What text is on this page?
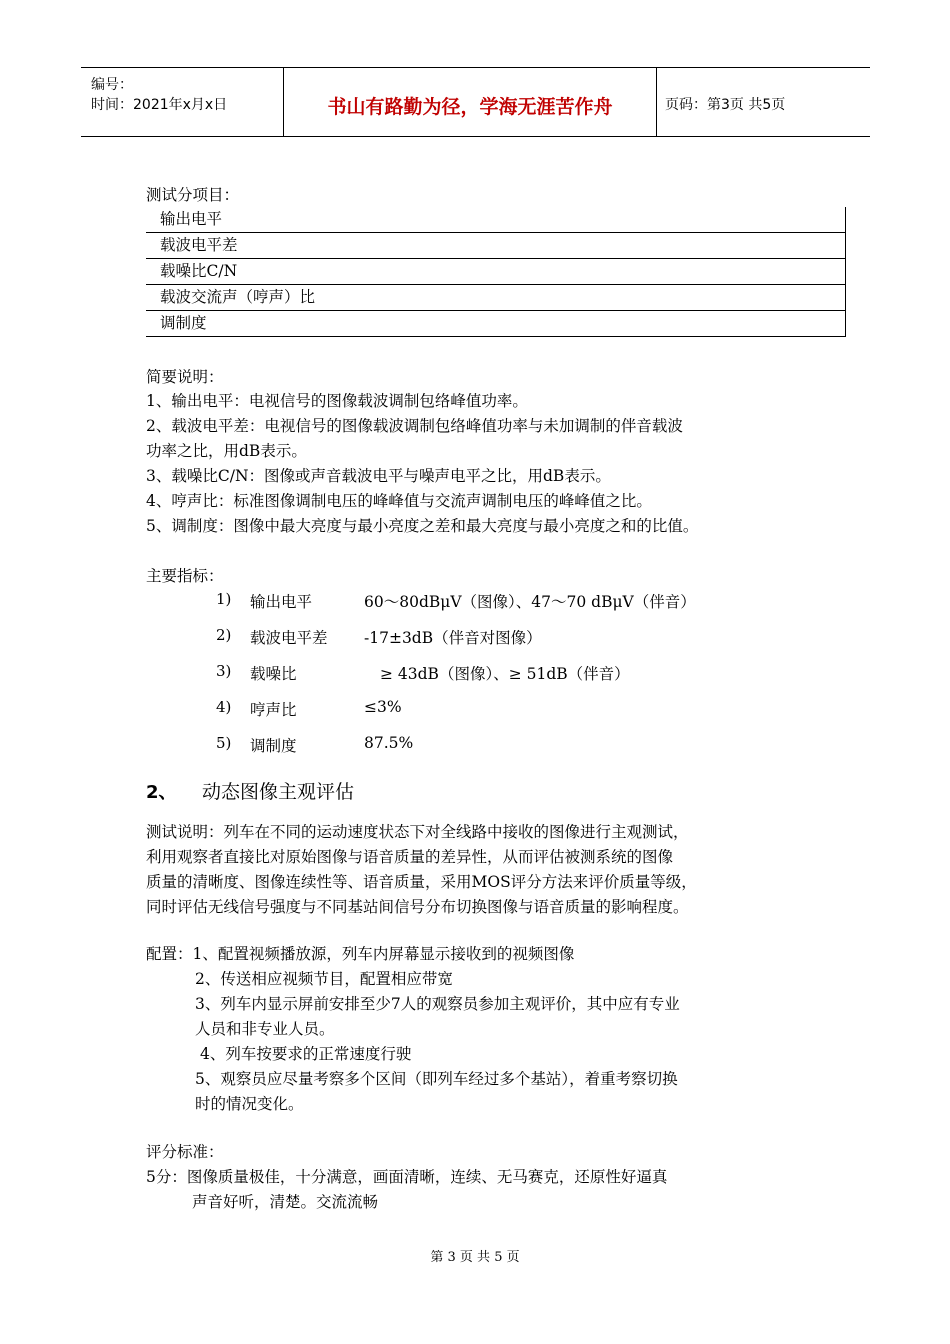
编号：
时间：2021年x月x日	书山有路勤为径，学海无涯苦作舟	页码：第3页 共5页
测试分项目：
输出电平
载波电平差
载噪比C/N
载波交流声（哼声）比
调制度
简要说明：
1、输出电平：电视信号的图像载波调制包络峰值功率。
2、载波电平差：电视信号的图像载波调制包络峰值功率与未加调制的伴音载波
功率之比，用dB表示。
3、载噪比C/N：图像或声音载波电平与噪声电平之比，用dB表示。
4、哼声比：标准图像调制电压的峰峰值与交流声调制电压的峰峰值之比。
5、调制度：图像中最大亮度与最小亮度之差和最大亮度与最小亮度之和的比值。
主要指标：
1) 输出电平	60～80dBμV（图像）、47～70 dBμV（伴音）
2) 载波电平差 -17±3dB（伴音对图像）
3) 载噪比	≥ 43dB（图像）、≥ 51dB（伴音）
4) 哼声比	≤3%
5) 调制度	87.5%
2、 动态图像主观评估
测试说明：列车在不同的运动速度状态下对全线路中接收的图像进行主观测试，
利用观察者直接比对原始图像与语音质量的差异性，从而评估被测系统的图像
质量的清晰度、图像连续性等、语音质量，采用MOS评分方法来评价质量等级，
同时评估无线信号强度与不同基站间信号分布切换图像与语音质量的影响程度。
配置：1、配置视频播放源，列车内屏幕显示接收到的视频图像
2、传送相应视频节目，配置相应带宽
3、列车内显示屏前安排至少7人的观察员参加主观评价，其中应有专业
人员和非专业人员。
4、列车按要求的正常速度行驶
5、观察员应尽量考察多个区间（即列车经过多个基站），着重考察切换
时的情况变化。
评分标准：
5分：图像质量极佳，十分满意，画面清晰，连续、无马赛克，还原性好逼真
声音好听，清楚。交流流畅
第 3 页 共 5 页
